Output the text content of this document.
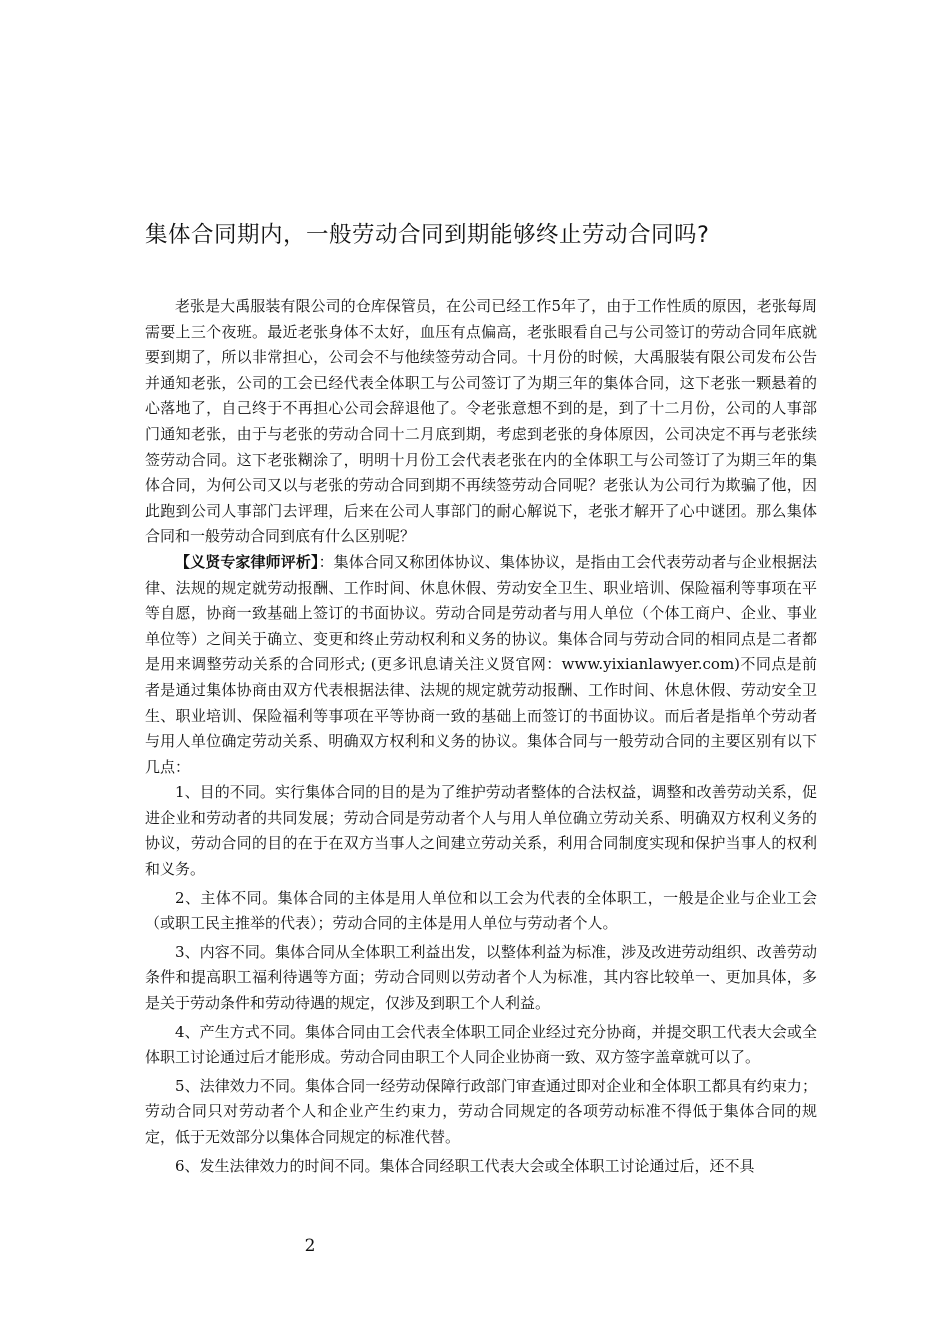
集体合同期内，一般劳动合同到期能够终止劳动合同吗?

老张是大禹服装有限公司的仓库保管员，在公司已经工作5年了，由于工作性质的原因，老张每周需要上三个夜班。最近老张身体不太好，血压有点偏高，老张眼看自己与公司签订的劳动合同年底就要到期了，所以非常担心，公司会不与他续签劳动合同。十月份的时候，大禹服装有限公司发布公告并通知老张，公司的工会已经代表全体职工与公司签订了为期三年的集体合同，这下老张一颗悬着的心落地了，自己终于不再担心公司会辞退他了。令老张意想不到的是，到了十二月份，公司的人事部门通知老张，由于与老张的劳动合同十二月底到期，考虑到老张的身体原因，公司决定不再与老张续签劳动合同。这下老张糊涂了，明明十月份工会代表老张在内的全体职工与公司签订了为期三年的集体合同，为何公司又以与老张的劳动合同到期不再续签劳动合同呢？老张认为公司行为欺骗了他，因此跑到公司人事部门去评理，后来在公司人事部门的耐心解说下，老张才解开了心中谜团。那么集体合同和一般劳动合同到底有什么区别呢？

【义贤专家律师评析】：集体合同又称团体协议、集体协议，是指由工会代表劳动者与企业根据法律、法规的规定就劳动报酬、工作时间、休息休假、劳动安全卫生、职业培训、保险福利等事项在平等自愿，协商一致基础上签订的书面协议。劳动合同是劳动者与用人单位（个体工商户、企业、事业单位等）之间关于确立、变更和终止劳动权利和义务的协议。集体合同与劳动合同的相同点是二者都是用来调整劳动关系的合同形式; (更多讯息请关注义贤官网：www.yixianlawyer.com)不同点是前者是通过集体协商由双方代表根据法律、法规的规定就劳动报酬、工作时间、休息休假、劳动安全卫生、职业培训、保险福利等事项在平等协商一致的基础上而签订的书面协议。而后者是指单个劳动者与用人单位确定劳动关系、明确双方权利和义务的协议。集体合同与一般劳动合同的主要区别有以下几点：

1、目的不同。实行集体合同的目的是为了维护劳动者整体的合法权益，调整和改善劳动关系，促进企业和劳动者的共同发展；劳动合同是劳动者个人与用人单位确立劳动关系、明确双方权利义务的协议，劳动合同的目的在于在双方当事人之间建立劳动关系，利用合同制度实现和保护当事人的权利和义务。

2、主体不同。集体合同的主体是用人单位和以工会为代表的全体职工，一般是企业与企业工会（或职工民主推举的代表）；劳动合同的主体是用人单位与劳动者个人。

3、内容不同。集体合同从全体职工利益出发，以整体利益为标准，涉及改进劳动组织、改善劳动条件和提高职工福利待遇等方面；劳动合同则以劳动者个人为标准，其内容比较单一、更加具体，多是关于劳动条件和劳动待遇的规定，仅涉及到职工个人利益。

4、产生方式不同。集体合同由工会代表全体职工同企业经过充分协商，并提交职工代表大会或全体职工讨论通过后才能形成。劳动合同由职工个人同企业协商一致、双方签字盖章就可以了。

5、法律效力不同。集体合同一经劳动保障行政部门审查通过即对企业和全体职工都具有约束力；劳动合同只对劳动者个人和企业产生约束力，劳动合同规定的各项劳动标准不得低于集体合同的规定，低于无效部分以集体合同规定的标准代替。

6、发生法律效力的时间不同。集体合同经职工代表大会或全体职工讨论通过后，还不具

2
